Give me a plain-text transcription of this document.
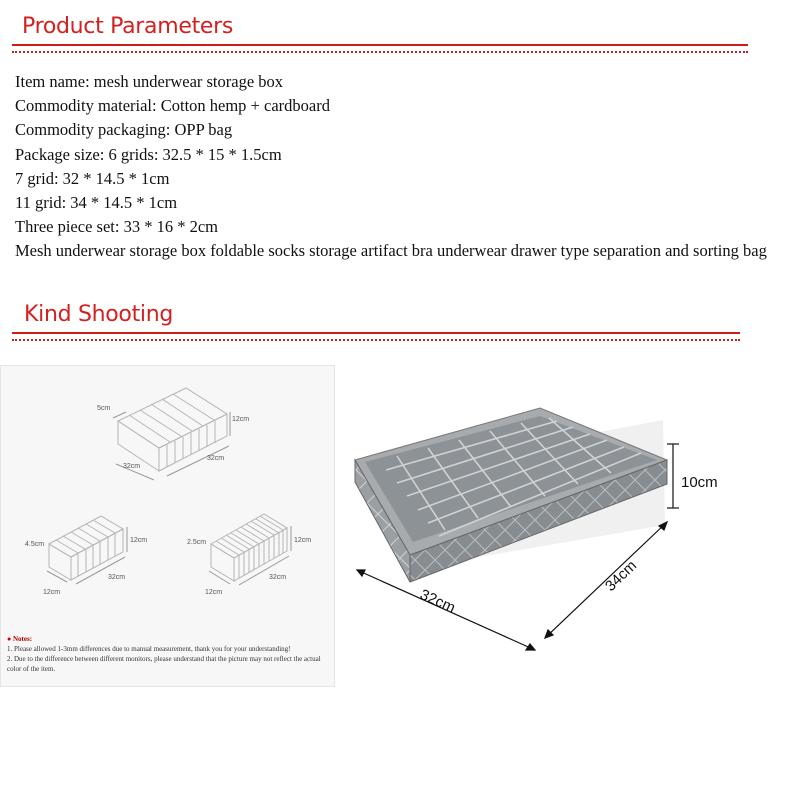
Product Parameters
Item name: mesh underwear storage box
Commodity material: Cotton hemp + cardboard
Commodity packaging: OPP bag
Package size: 6 grids: 32.5 * 15 * 1.5cm
7 grid: 32 * 14.5 * 1cm
11 grid: 34 * 14.5 * 1cm
Three piece set: 33 * 16 * 2cm
Mesh underwear storage box foldable socks storage artifact bra underwear drawer type separation and sorting bag
Kind Shooting
5cm
12cm
32cm
32cm
4.5cm
12cm
32cm
12cm
2.5cm	12cm
32cm
12cm
● Notes:
1. Please allowed 1-3mm differences due to manual measurement, thank you for your understanding!
2. Due to the difference between different monitors, please understand that the picture may not reflect the actual color of the item.
10cm
32cm
34cm
